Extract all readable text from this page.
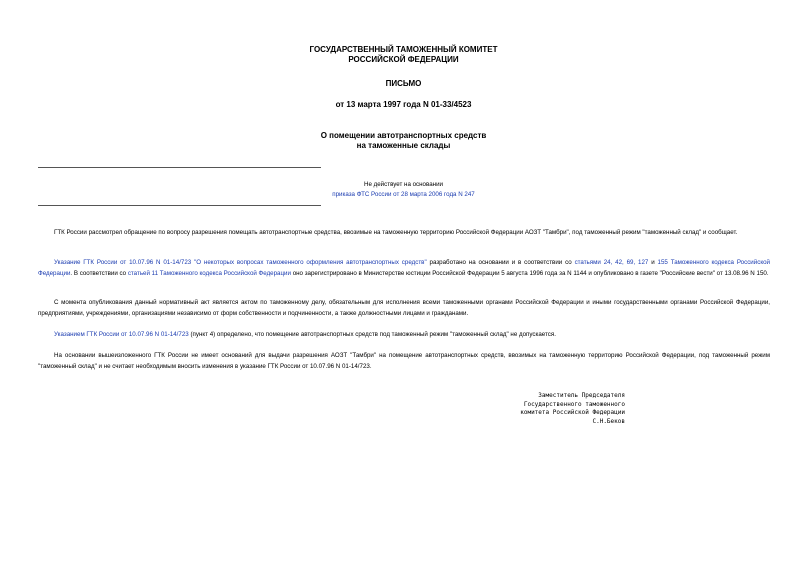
ГОСУДАРСТВЕННЫЙ ТАМОЖЕННЫЙ КОМИТЕТ
РОССИЙСКОЙ ФЕДЕРАЦИИ
ПИСЬМО
от 13 марта 1997 года N 01-33/4523
О помещении автотранспортных средств
на таможенные склады
Не действует на основании
приказа ФТС России от 28 марта 2006 года N 247
ГТК России рассмотрел обращение по вопросу разрешения помещать автотранспортные средства, ввозимые на таможенную территорию Российской Федерации АОЗТ "Тамбри", под таможенный режим "таможенный склад" и сообщает.
Указание ГТК России от 10.07.96 N 01-14/723 "О некоторых вопросах таможенного оформления автотранспортных средств" разработано на основании и в соответствии со статьями 24, 42, 69, 127 и 155 Таможенного кодекса Российской Федерации. В соответствии со статьей 11 Таможенного кодекса Российской Федерации оно зарегистрировано в Министерстве юстиции Российской Федерации 5 августа 1996 года за N 1144 и опубликовано в газете "Российские вести" от 13.08.96 N 150.
С момента опубликования данный нормативный акт является актом по таможенному делу, обязательным для исполнения всеми таможенными органами Российской Федерации и иными государственными органами Российской Федерации, предприятиями, учреждениями, организациями независимо от форм собственности и подчиненности, а также должностными лицами и гражданами.
Указанием ГТК России от 10.07.96 N 01-14/723 (пункт 4) определено, что помещение автотранспортных средств под таможенный режим "таможенный склад" не допускается.
На основании вышеизложенного ГТК России не имеет оснований для выдачи разрешения АОЗТ "Тамбри" на помещение автотранспортных средств, ввозимых на таможенную территорию Российской Федерации, под таможенный режим "таможенный склад" и не считает необходимым вносить изменения в указание ГТК России от 10.07.96 N 01-14/723.
Заместитель Председателя
Государственного таможенного
комитета Российской Федерации
С.Н.Беков
